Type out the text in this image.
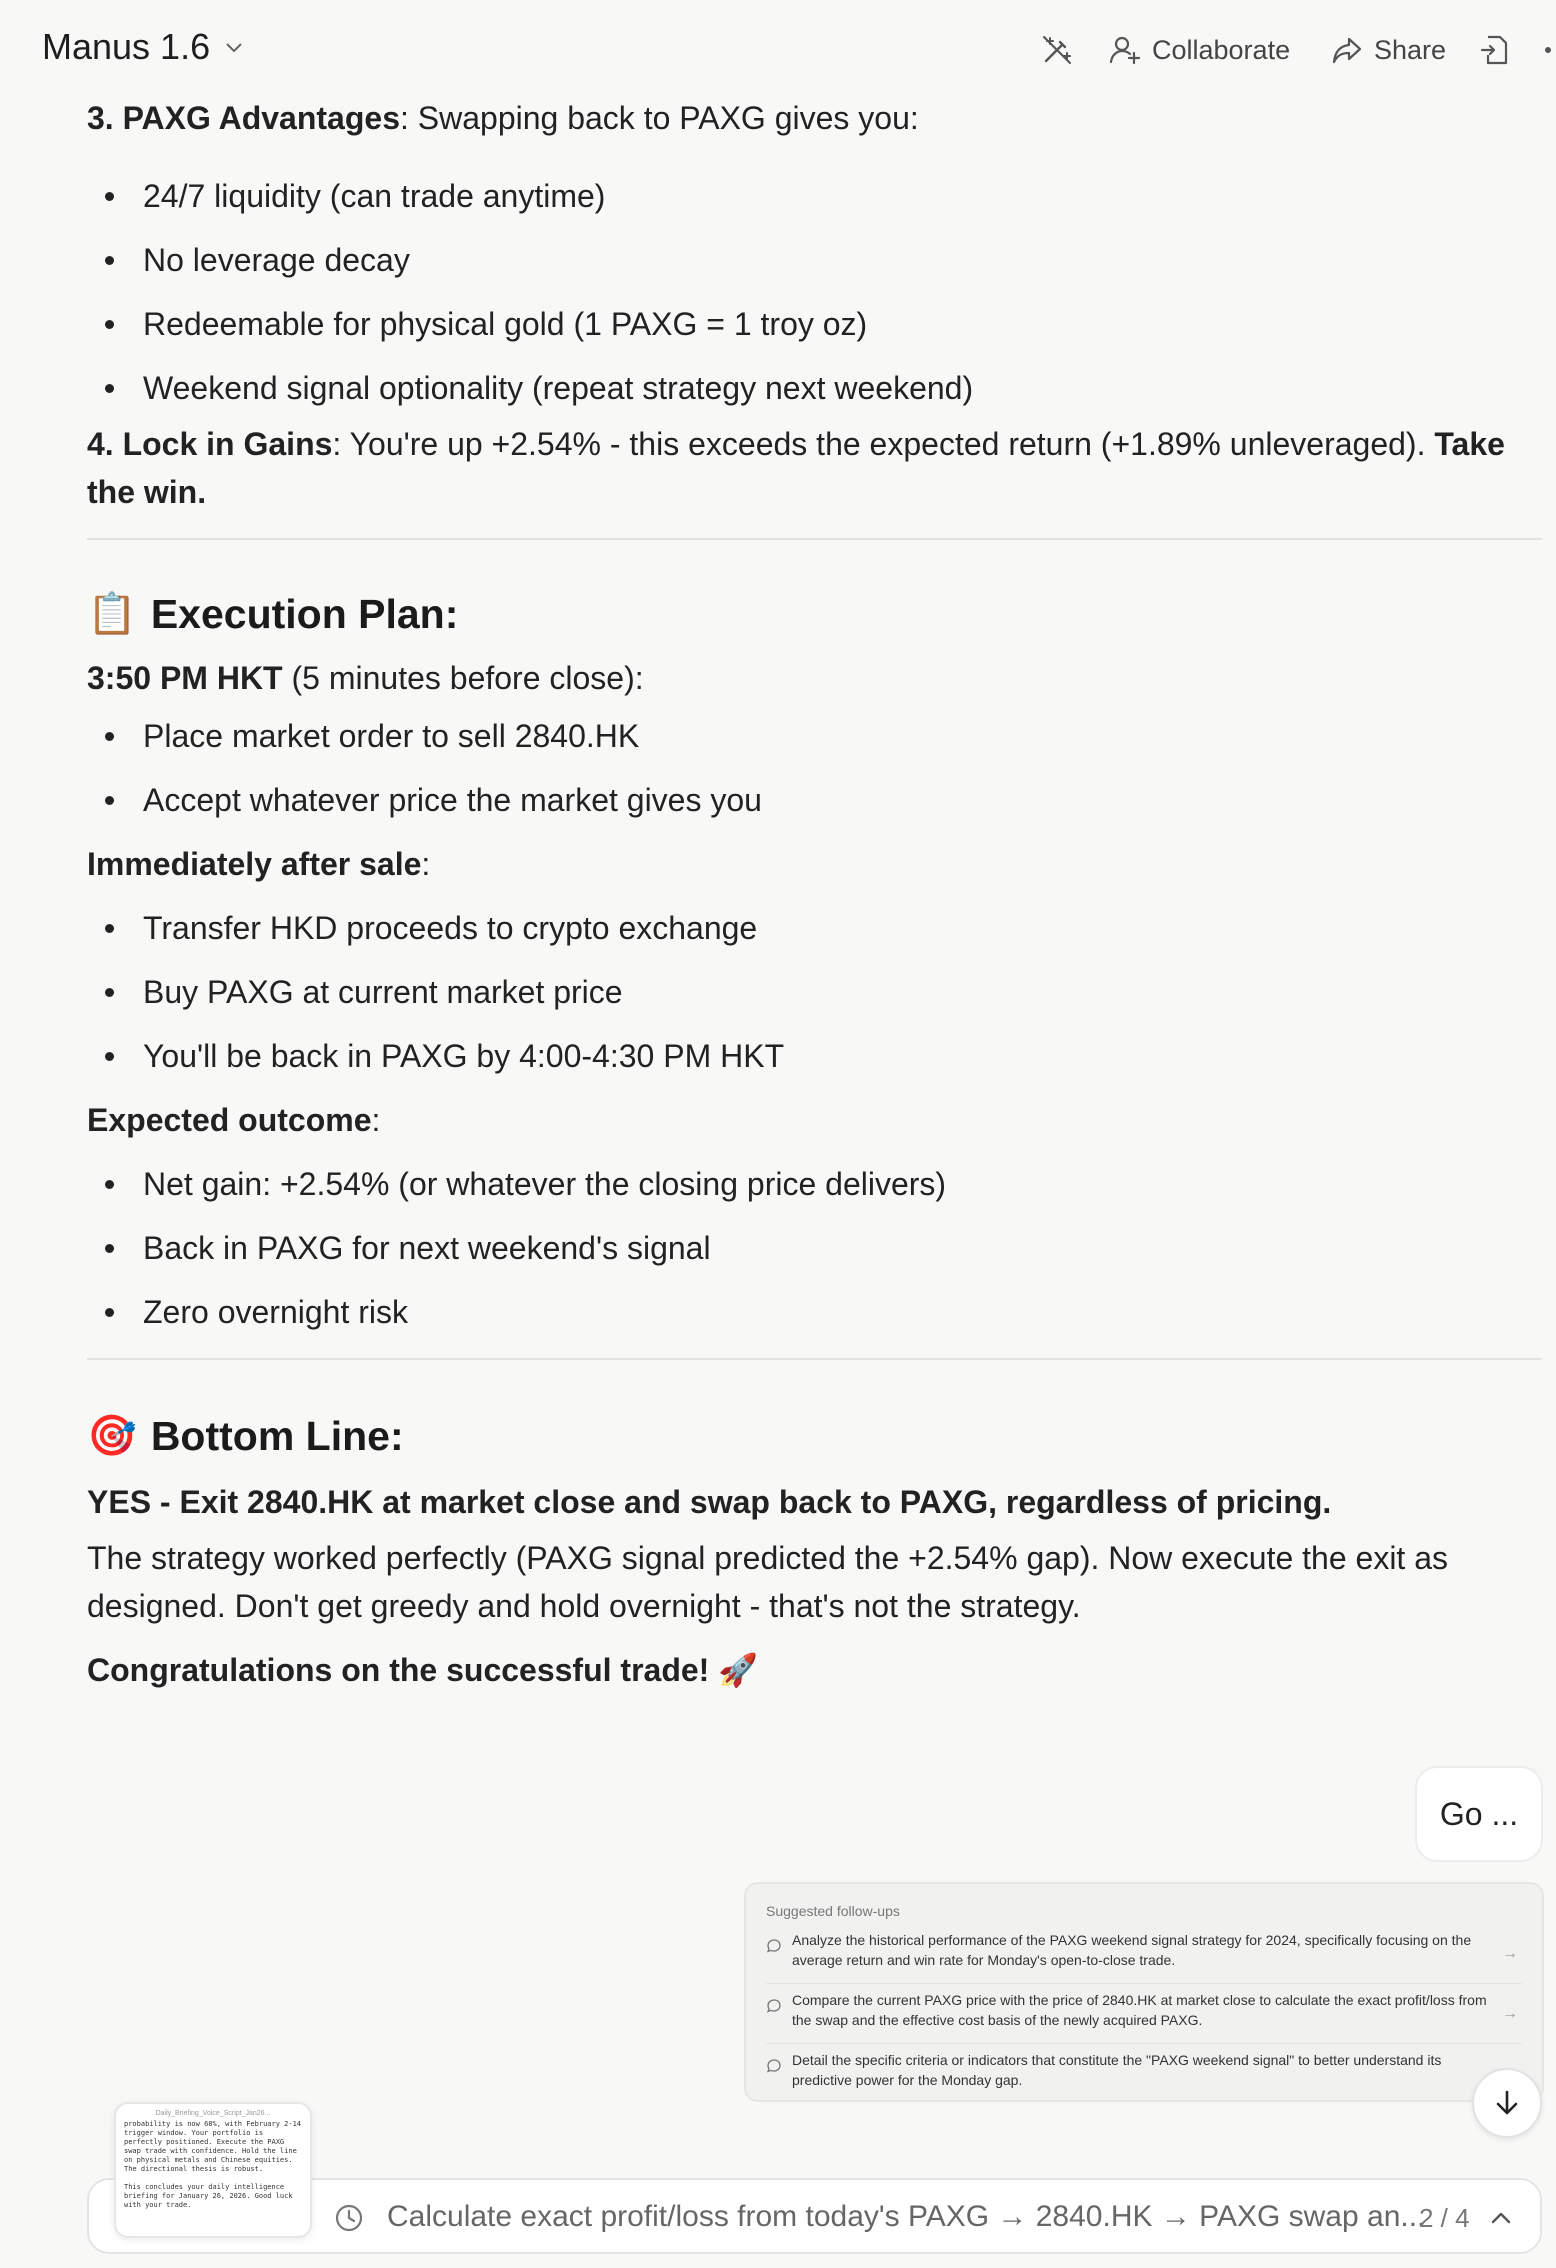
Manus 1.6	Collaborate	Share

3. PAXG Advantages: Swapping back to PAXG gives you:

24/7 liquidity (can trade anytime)
No leverage decay
Redeemable for physical gold (1 PAXG = 1 troy oz)
Weekend signal optionality (repeat strategy next weekend)

4. Lock in Gains: You're up +2.54% - this exceeds the expected return (+1.89% unleveraged). Take the win.

📋 Execution Plan:

3:50 PM HKT (5 minutes before close):

Place market order to sell 2840.HK
Accept whatever price the market gives you

Immediately after sale:

Transfer HKD proceeds to crypto exchange
Buy PAXG at current market price
You'll be back in PAXG by 4:00-4:30 PM HKT

Expected outcome:

Net gain: +2.54% (or whatever the closing price delivers)
Back in PAXG for next weekend's signal
Zero overnight risk
🎯 Bottom Line:

YES - Exit 2840.HK at market close and swap back to PAXG, regardless of pricing.

The strategy worked perfectly (PAXG signal predicted the +2.54% gap). Now execute the exit as designed. Don't get greedy and hold overnight - that's not the strategy.

Congratulations on the successful trade! 🚀

Go ...
Suggested follow-ups
Analyze the historical performance of the PAXG weekend signal strategy for 2024, specifically focusing on the average return and win rate for Monday's open-to-close trade.	→
Compare the current PAXG price with the price of 2840.HK at market close to calculate the exact profit/loss from the swap and the effective cost basis of the newly acquired PAXG.	→
Detail the specific criteria or indicators that constitute the "PAXG weekend signal" to better understand its predictive power for the Monday gap.
Calculate exact profit/loss from today's PAXG → 2840.HK → PAXG swap an...
2 / 4
Daily_Briefing_Voice_Script_Jan26...
probability is now 68%, with February 2-14 trigger window. Your portfolio is perfectly positioned. Execute the PAXG swap trade with confidence. Hold the line on physical metals and Chinese equities. The directional thesis is robust.

This concludes your daily intelligence briefing for January 26, 2026. Good luck with your trade.
